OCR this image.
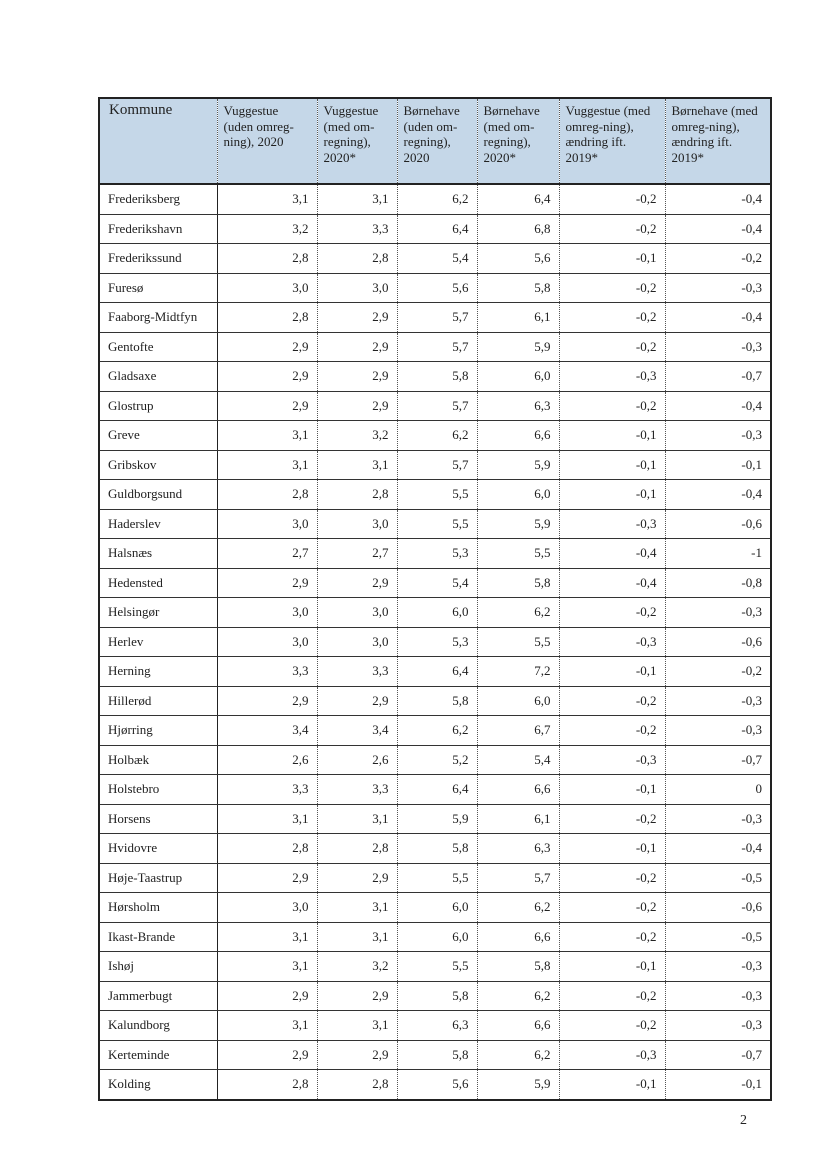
Kommune	Vuggestue (uden omreg-ning), 2020	Vuggestue (med om-regning), 2020*	Børnehave (uden om-regning), 2020	Børnehave (med om-regning), 2020*	Vuggestue (med omreg-ning), ændring ift. 2019*	Børnehave (med omreg-ning), ændring ift. 2019*
Frederiksberg	3,1	3,1	6,2	6,4	-0,2	-0,4
Frederikshavn	3,2	3,3	6,4	6,8	-0,2	-0,4
Frederikssund	2,8	2,8	5,4	5,6	-0,1	-0,2
Furesø	3,0	3,0	5,6	5,8	-0,2	-0,3
Faaborg-Midtfyn	2,8	2,9	5,7	6,1	-0,2	-0,4
Gentofte	2,9	2,9	5,7	5,9	-0,2	-0,3
Gladsaxe	2,9	2,9	5,8	6,0	-0,3	-0,7
Glostrup	2,9	2,9	5,7	6,3	-0,2	-0,4
Greve	3,1	3,2	6,2	6,6	-0,1	-0,3
Gribskov	3,1	3,1	5,7	5,9	-0,1	-0,1
Guldborgsund	2,8	2,8	5,5	6,0	-0,1	-0,4
Haderslev	3,0	3,0	5,5	5,9	-0,3	-0,6
Halsnæs	2,7	2,7	5,3	5,5	-0,4	-1
Hedensted	2,9	2,9	5,4	5,8	-0,4	-0,8
Helsingør	3,0	3,0	6,0	6,2	-0,2	-0,3
Herlev	3,0	3,0	5,3	5,5	-0,3	-0,6
Herning	3,3	3,3	6,4	7,2	-0,1	-0,2
Hillerød	2,9	2,9	5,8	6,0	-0,2	-0,3
Hjørring	3,4	3,4	6,2	6,7	-0,2	-0,3
Holbæk	2,6	2,6	5,2	5,4	-0,3	-0,7
Holstebro	3,3	3,3	6,4	6,6	-0,1	0
Horsens	3,1	3,1	5,9	6,1	-0,2	-0,3
Hvidovre	2,8	2,8	5,8	6,3	-0,1	-0,4
Høje-Taastrup	2,9	2,9	5,5	5,7	-0,2	-0,5
Hørsholm	3,0	3,1	6,0	6,2	-0,2	-0,6
Ikast-Brande	3,1	3,1	6,0	6,6	-0,2	-0,5
Ishøj	3,1	3,2	5,5	5,8	-0,1	-0,3
Jammerbugt	2,9	2,9	5,8	6,2	-0,2	-0,3
Kalundborg	3,1	3,1	6,3	6,6	-0,2	-0,3
Kerteminde	2,9	2,9	5,8	6,2	-0,3	-0,7
Kolding	2,8	2,8	5,6	5,9	-0,1	-0,1
2
